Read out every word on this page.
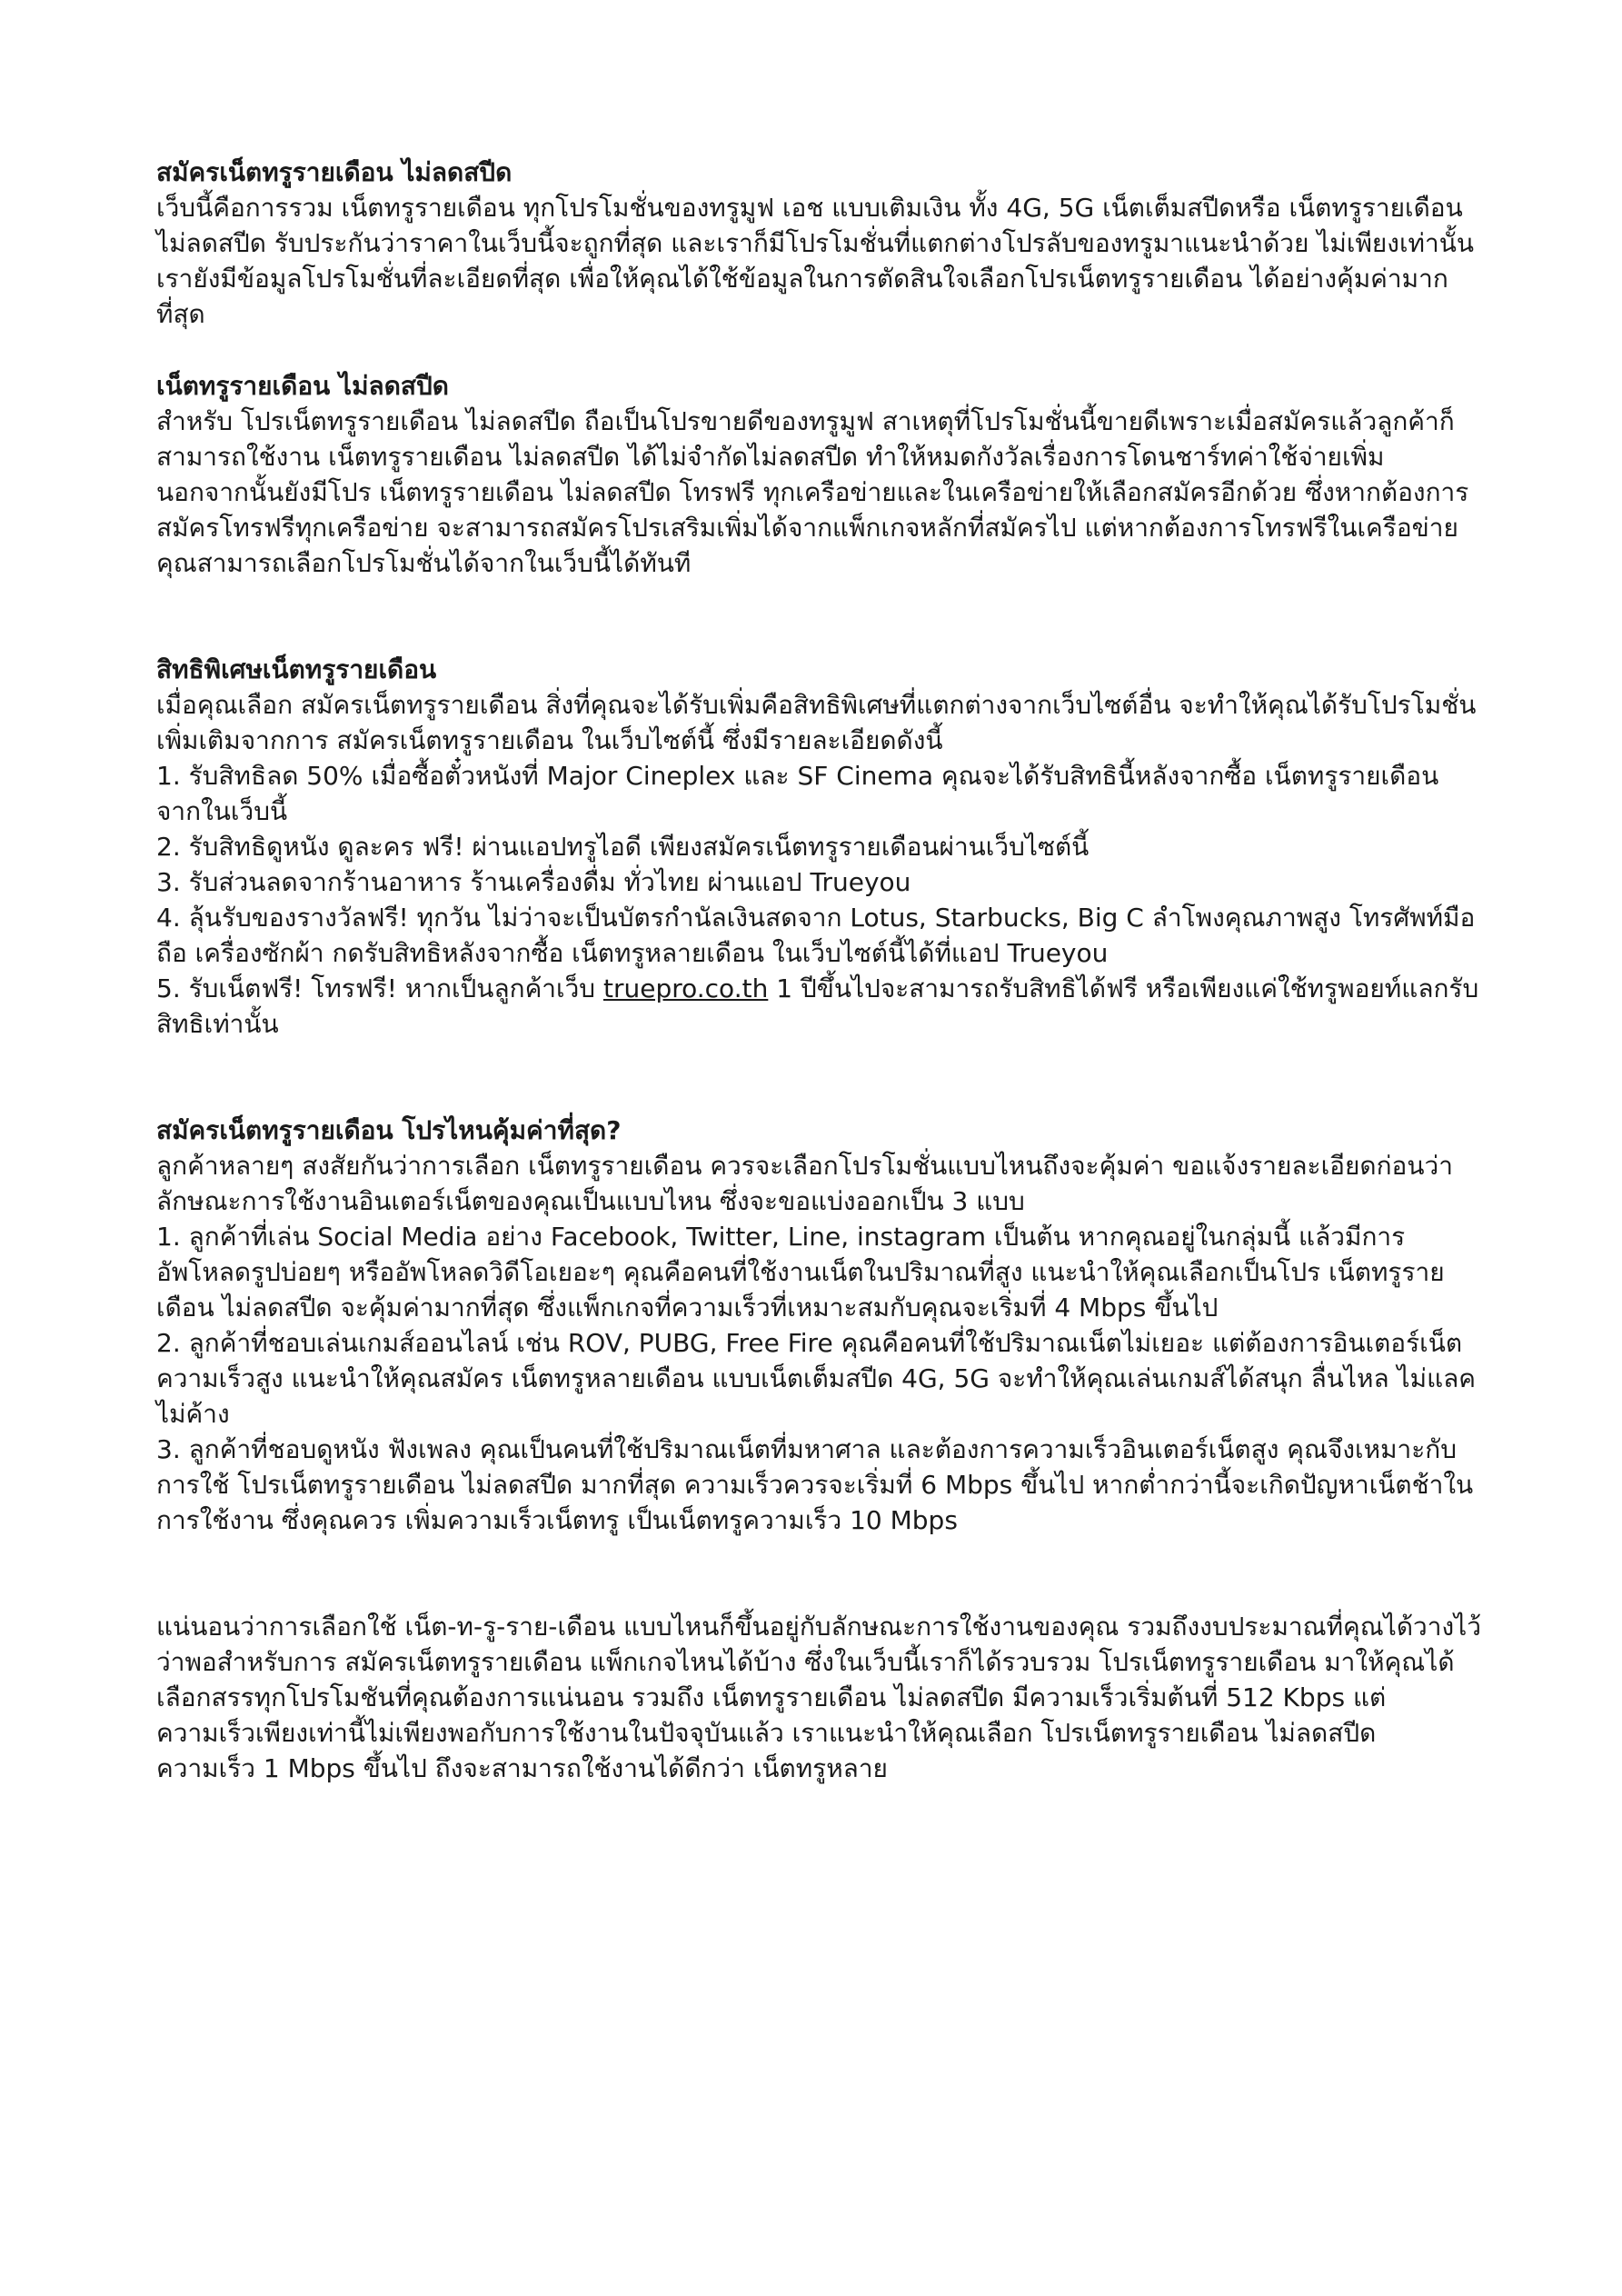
สมัครเน็ตทรูรายเดือน ไม่ลดสปีด

เว็บนี้คือการรวม เน็ตทรูรายเดือน ทุกโปรโมชั่นของทรูมูฟ เอช แบบเติมเงิน ทั้ง 4G, 5G เน็ตเต็มสปีดหรือ เน็ตทรูรายเดือน ไม่ลดสปีด รับประกันว่าราคาในเว็บนี้จะถูกที่สุด และเราก็มีโปรโมชั่นที่แตกต่างโปรลับของทรูมาแนะนำด้วย ไม่เพียงเท่านั้นเรายังมีข้อมูลโปรโมชั่นที่ละเอียดที่สุด เพื่อให้คุณได้ใช้ข้อมูลในการตัดสินใจเลือกโปรเน็ตทรูรายเดือน ได้อย่างคุ้มค่ามากที่สุด

เน็ตทรูรายเดือน ไม่ลดสปีด

สำหรับ โปรเน็ตทรูรายเดือน ไม่ลดสปีด ถือเป็นโปรขายดีของทรูมูฟ สาเหตุที่โปรโมชั่นนี้ขายดีเพราะเมื่อสมัครแล้วลูกค้าก็สามารถใช้งาน เน็ตทรูรายเดือน ไม่ลดสปีด ได้ไม่จำกัดไม่ลดสปีด ทำให้หมดกังวัลเรื่องการโดนชาร์ทค่าใช้จ่ายเพิ่ม นอกจากนั้นยังมีโปร เน็ตทรูรายเดือน ไม่ลดสปีด โทรฟรี ทุกเครือข่ายและในเครือข่ายให้เลือกสมัครอีกด้วย ซึ่งหากต้องการสมัครโทรฟรีทุกเครือข่าย จะสามารถสมัครโปรเสริมเพิ่มได้จากแพ็กเกจหลักที่สมัครไป แต่หากต้องการโทรฟรีในเครือข่ายคุณสามารถเลือกโปรโมชั่นได้จากในเว็บนี้ได้ทันที

สิทธิพิเศษเน็ตทรูรายเดือน

เมื่อคุณเลือก สมัครเน็ตทรูรายเดือน สิ่งที่คุณจะได้รับเพิ่มคือสิทธิพิเศษที่แตกต่างจากเว็บไซต์อื่น จะทำให้คุณได้รับโปรโมชั่นเพิ่มเติมจากการ สมัครเน็ตทรูรายเดือน ในเว็บไซต์นี้ ซึ่งมีรายละเอียดดังนี้

1. รับสิทธิลด 50% เมื่อซื้อตั๋วหนังที่ Major Cineplex และ SF Cinema คุณจะได้รับสิทธินี้หลังจากซื้อ เน็ตทรูรายเดือน จากในเว็บนี้

2. รับสิทธิดูหนัง ดูละคร ฟรี! ผ่านแอปทรูไอดี เพียงสมัครเน็ตทรูรายเดือนผ่านเว็บไซต์นี้

3. รับส่วนลดจากร้านอาหาร ร้านเครื่องดื่ม ทั่วไทย ผ่านแอป Trueyou

4. ลุ้นรับของรางวัลฟรี! ทุกวัน ไม่ว่าจะเป็นบัตรกำนัลเงินสดจาก Lotus, Starbucks, Big C ลำโพงคุณภาพสูง โทรศัพท์มือถือ เครื่องซักผ้า กดรับสิทธิหลังจากซื้อ เน็ตทรูหลายเดือน ในเว็บไซต์นี้ได้ที่แอป Trueyou

5. รับเน็ตฟรี! โทรฟรี! หากเป็นลูกค้าเว็บ truepro.co.th 1 ปีขึ้นไปจะสามารถรับสิทธิได้ฟรี หรือเพียงแค่ใช้ทรูพอยท์แลกรับสิทธิเท่านั้น

สมัครเน็ตทรูรายเดือน โปรไหนคุ้มค่าที่สุด?

ลูกค้าหลายๆ สงสัยกันว่าการเลือก เน็ตทรูรายเดือน ควรจะเลือกโปรโมชั่นแบบไหนถึงจะคุ้มค่า ขอแจ้งรายละเอียดก่อนว่า ลักษณะการใช้งานอินเตอร์เน็ตของคุณเป็นแบบไหน ซึ่งจะขอแบ่งออกเป็น 3 แบบ

1. ลูกค้าที่เล่น Social Media อย่าง Facebook, Twitter, Line, instagram เป็นต้น หากคุณอยู่ในกลุ่มนี้ แล้วมีการอัพโหลดรูปบ่อยๆ หรืออัพโหลดวิดีโอเยอะๆ คุณคือคนที่ใช้งานเน็ตในปริมาณที่สูง แนะนำให้คุณเลือกเป็นโปร เน็ตทรูรายเดือน ไม่ลดสปีด จะคุ้มค่ามากที่สุด ซึ่งแพ็กเกจที่ความเร็วที่เหมาะสมกับคุณจะเริ่มที่ 4 Mbps ขึ้นไป

2. ลูกค้าที่ชอบเล่นเกมส์ออนไลน์ เช่น ROV, PUBG, Free Fire คุณคือคนที่ใช้ปริมาณเน็ตไม่เยอะ แต่ต้องการอินเตอร์เน็ตความเร็วสูง แนะนำให้คุณสมัคร เน็ตทรูหลายเดือน แบบเน็ตเต็มสปีด 4G, 5G จะทำให้คุณเล่นเกมส์ได้สนุก ลื่นไหล ไม่แลค ไม่ค้าง

3. ลูกค้าที่ชอบดูหนัง ฟังเพลง คุณเป็นคนที่ใช้ปริมาณเน็ตที่มหาศาล และต้องการความเร็วอินเตอร์เน็ตสูง คุณจึงเหมาะกับการใช้ โปรเน็ตทรูรายเดือน ไม่ลดสปีด มากที่สุด ความเร็วควรจะเริ่มที่ 6 Mbps ขึ้นไป หากต่ำกว่านี้จะเกิดปัญหาเน็ตช้าในการใช้งาน ซึ่งคุณควร เพิ่มความเร็วเน็ตทรู เป็นเน็ตทรูความเร็ว 10 Mbps

แน่นอนว่าการเลือกใช้ เน็ต-ท-รู-ราย-เดือน แบบไหนก็ขึ้นอยู่กับลักษณะการใช้งานของคุณ รวมถึงงบประมาณที่คุณได้วางไว้ว่าพอสำหรับการ สมัครเน็ตทรูรายเดือน แพ็กเกจไหนได้บ้าง ซึ่งในเว็บนี้เราก็ได้รวบรวม โปรเน็ตทรูรายเดือน มาให้คุณได้เลือกสรรทุกโปรโมชันที่คุณต้องการแน่นอน รวมถึง เน็ตทรูรายเดือน ไม่ลดสปีด มีความเร็วเริ่มต้นที่ 512 Kbps แต่ความเร็วเพียงเท่านี้ไม่เพียงพอกับการใช้งานในปัจจุบันแล้ว เราแนะนำให้คุณเลือก โปรเน็ตทรูรายเดือน ไม่ลดสปีด ความเร็ว 1 Mbps ขึ้นไป ถึงจะสามารถใช้งานได้ดีกว่า เน็ตทรูหลาย
